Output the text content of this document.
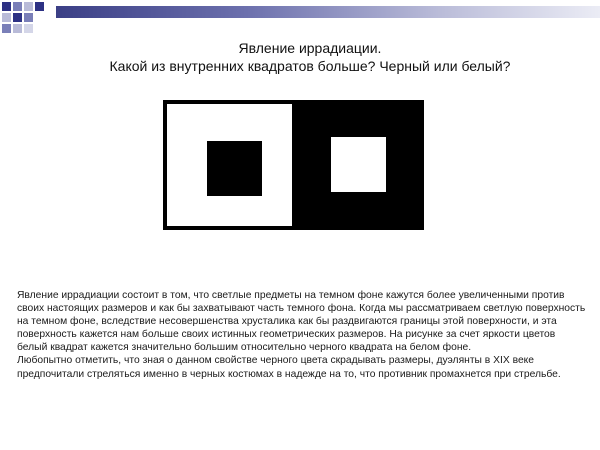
Явление иррадиации.
Какой из внутренних квадратов больше? Черный или белый?

Явление иррадиации состоит в том, что светлые предметы на темном фоне кажутся более увеличенными против своих настоящих размеров и как бы захватывают часть темного фона. Когда мы рассматриваем светлую поверхность на темном фоне, вследствие несовершенства хрусталика как бы раздвигаются границы этой поверхности, и эта поверхность кажется нам больше своих истинных геометрических размеров. На рисунке за счет яркости цветов белый квадрат кажется значительно большим относительно черного квадрата на белом фоне.

Любопытно отметить, что зная о данном свойстве черного цвета скрадывать размеры, дуэлянты в XIX веке предпочитали стреляться именно в черных костюмах в надежде на то, что противник промахнется при стрельбе.
